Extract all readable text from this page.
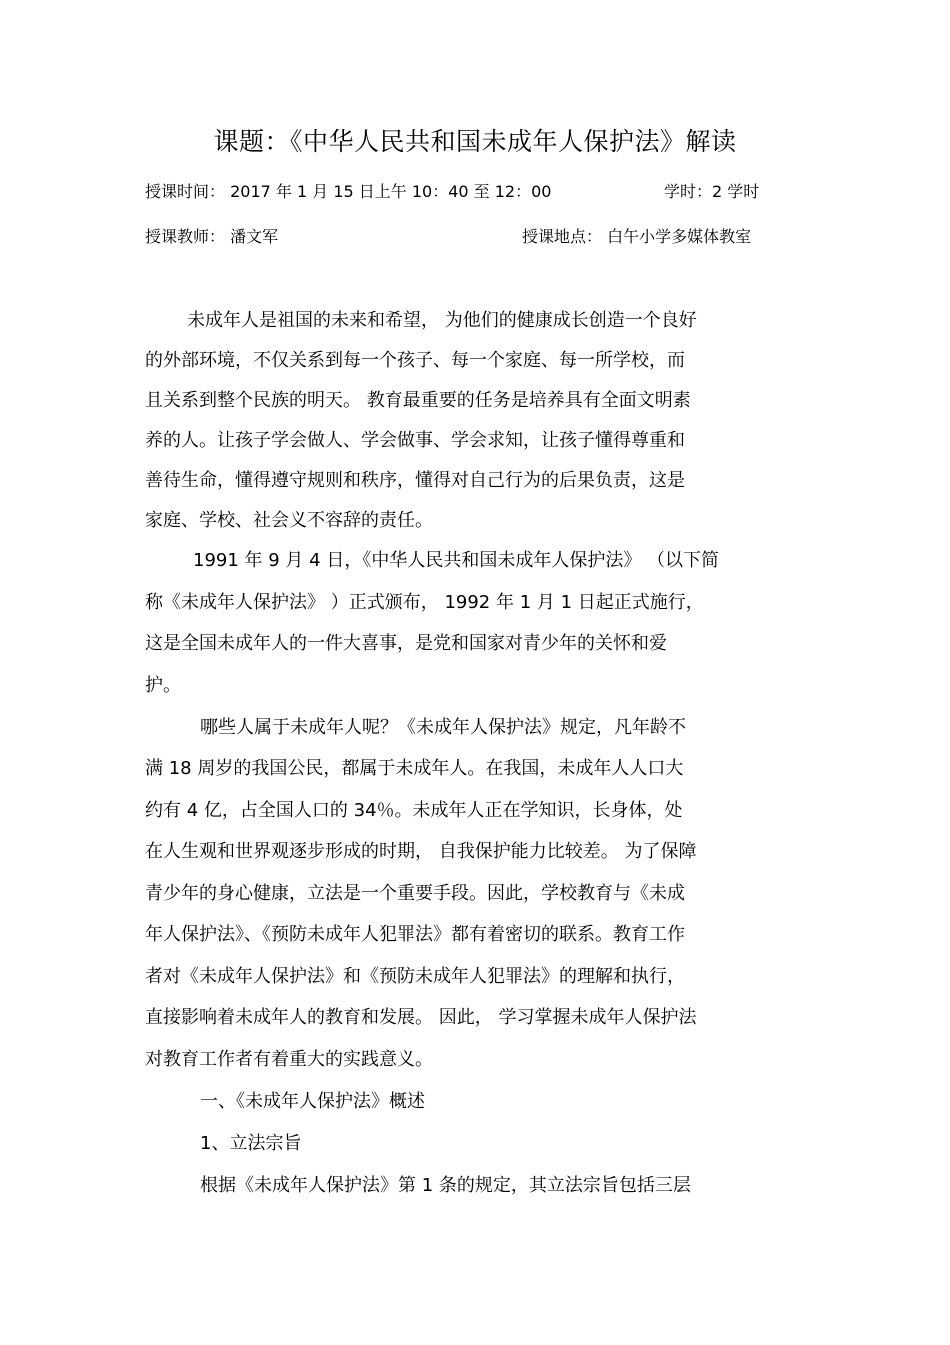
课题：《中华人民共和国未成年人保护法》解读
授课时间： 2017 年 1 月 15 日上午 10：40 至 12：00	学时：2 学时
授课教师： 潘文军	授课地点： 白午小学多媒体教室
未成年人是祖国的未来和希望， 为他们的健康成长创造一个良好
的外部环境，不仅关系到每一个孩子、每一个家庭、每一所学校，而
且关系到整个民族的明天。 教育最重要的任务是培养具有全面文明素
养的人。让孩子学会做人、学会做事、学会求知，让孩子懂得尊重和
善待生命，懂得遵守规则和秩序，懂得对自己行为的后果负责，这是
家庭、学校、社会义不容辞的责任。
1991 年 9 月 4 日，《中华人民共和国未成年人保护法》 （以下简
称《未成年人保护法》 ）正式颁布， 1992 年 1 月 1 日起正式施行，
这是全国未成年人的一件大喜事，是党和国家对青少年的关怀和爱
护。
哪些人属于未成年人呢？《未成年人保护法》规定，凡年龄不
满 18 周岁的我国公民，都属于未成年人。在我国，未成年人人口大
约有 4 亿，占全国人口的 34％。未成年人正在学知识，长身体，处
在人生观和世界观逐步形成的时期， 自我保护能力比较差。 为了保障
青少年的身心健康，立法是一个重要手段。因此，学校教育与《未成
年人保护法》、《预防未成年人犯罪法》都有着密切的联系。教育工作
者对《未成年人保护法》和《预防未成年人犯罪法》的理解和执行，
直接影响着未成年人的教育和发展。 因此， 学习掌握未成年人保护法
对教育工作者有着重大的实践意义。
一、《未成年人保护法》概述
1、立法宗旨
根据《未成年人保护法》第 1 条的规定，其立法宗旨包括三层
